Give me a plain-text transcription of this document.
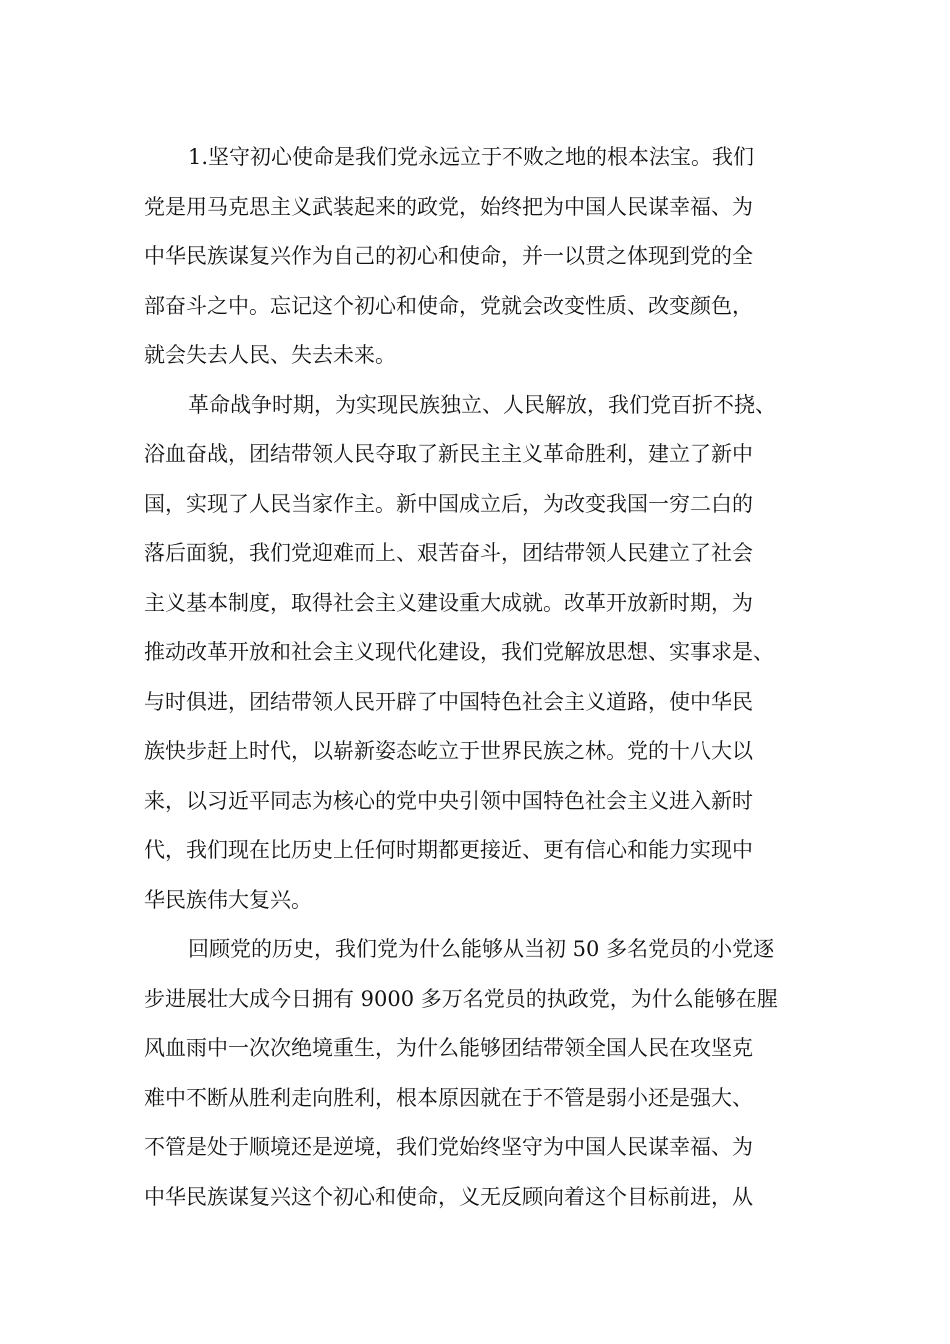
1.坚守初心使命是我们党永远立于不败之地的根本法宝。我们
党是用马克思主义武装起来的政党，始终把为中国人民谋幸福、为
中华民族谋复兴作为自己的初心和使命，并一以贯之体现到党的全
部奋斗之中。忘记这个初心和使命，党就会改变性质、改变颜色，
就会失去人民、失去未来。
革命战争时期，为实现民族独立、人民解放，我们党百折不挠、
浴血奋战，团结带领人民夺取了新民主主义革命胜利，建立了新中
国，实现了人民当家作主。新中国成立后，为改变我国一穷二白的
落后面貌，我们党迎难而上、艰苦奋斗，团结带领人民建立了社会
主义基本制度，取得社会主义建设重大成就。改革开放新时期，为
推动改革开放和社会主义现代化建设，我们党解放思想、实事求是、
与时俱进，团结带领人民开辟了中国特色社会主义道路，使中华民
族快步赶上时代，以崭新姿态屹立于世界民族之林。党的十八大以
来，以习近平同志为核心的党中央引领中国特色社会主义进入新时
代，我们现在比历史上任何时期都更接近、更有信心和能力实现中
华民族伟大复兴。
回顾党的历史，我们党为什么能够从当初 50 多名党员的小党逐
步进展壮大成今日拥有 9000 多万名党员的执政党，为什么能够在腥
风血雨中一次次绝境重生，为什么能够团结带领全国人民在攻坚克
难中不断从胜利走向胜利，根本原因就在于不管是弱小还是强大、
不管是处于顺境还是逆境，我们党始终坚守为中国人民谋幸福、为
中华民族谋复兴这个初心和使命，义无反顾向着这个目标前进，从
